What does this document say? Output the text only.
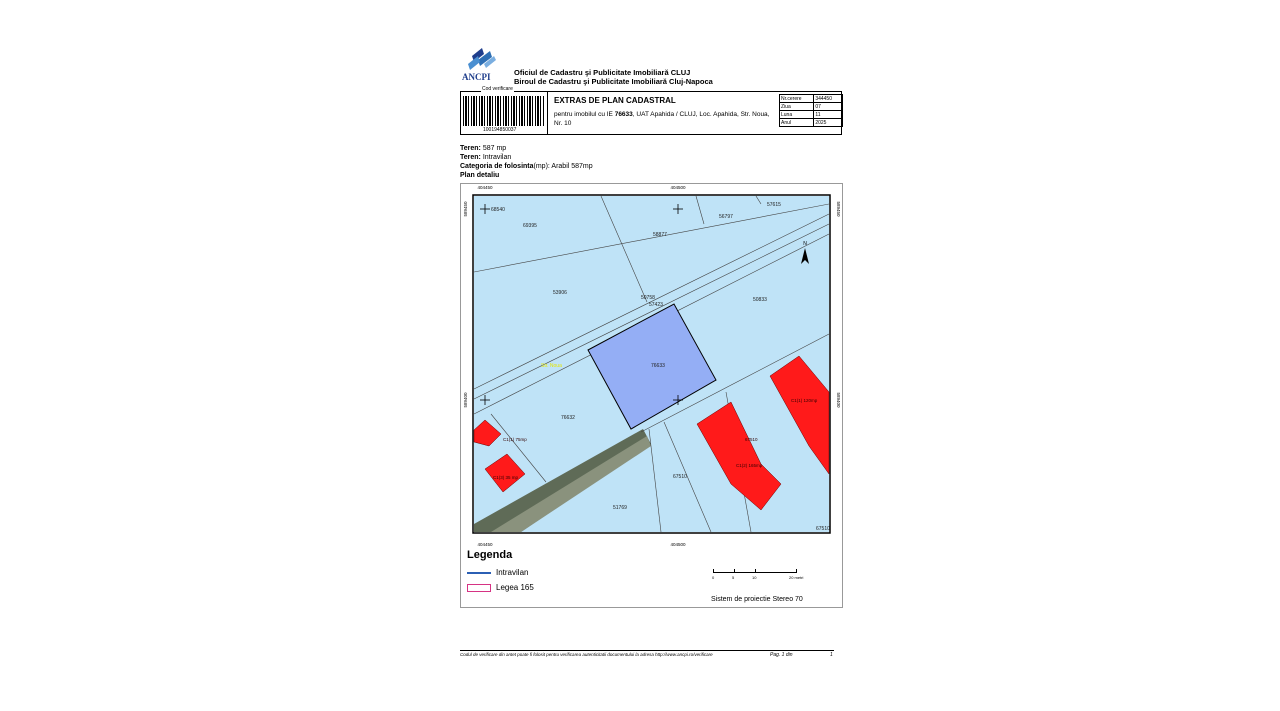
ANCPI	Oficiul de Cadastru şi Publicitate Imobiliară CLUJ
Biroul de Cadastru şi Publicitate Imobiliară Cluj-Napoca
Cod verificare
100194850037
EXTRAS DE PLAN CADASTRAL
pentru imobilul cu IE 76633, UAT Apahida / CLUJ, Loc. Apahida, Str. Noua, Nr. 10
Nr.cerere	344450
Ziua	07
Luna	11
Anul	2025
Teren: 587 mp
Teren: Intravilan
Categoria de folosinta(mp): Arabil 587mp
Plan detaliu
N
404450	404500
404450	404500
589450
589400
589450
589400
68540
69395
58877
56797
57615
53906
50758
57423
50833
76633
76632
67510
51769
67510
C1(1) 75mp
C1(3) 35 mp
C1(2) 165mp
C1(1) 120mp
67510
Str. Noua
Legenda
Intravilan
Legea 165
0	5	10	20 metri
Sistem de proiectie Stereo 70
Codul de verificare din antet poate fi folosit pentru verificarea autenticitatii documentului la adresa http://www.ancpi.ro/verificare	Pag. 1 din	1
